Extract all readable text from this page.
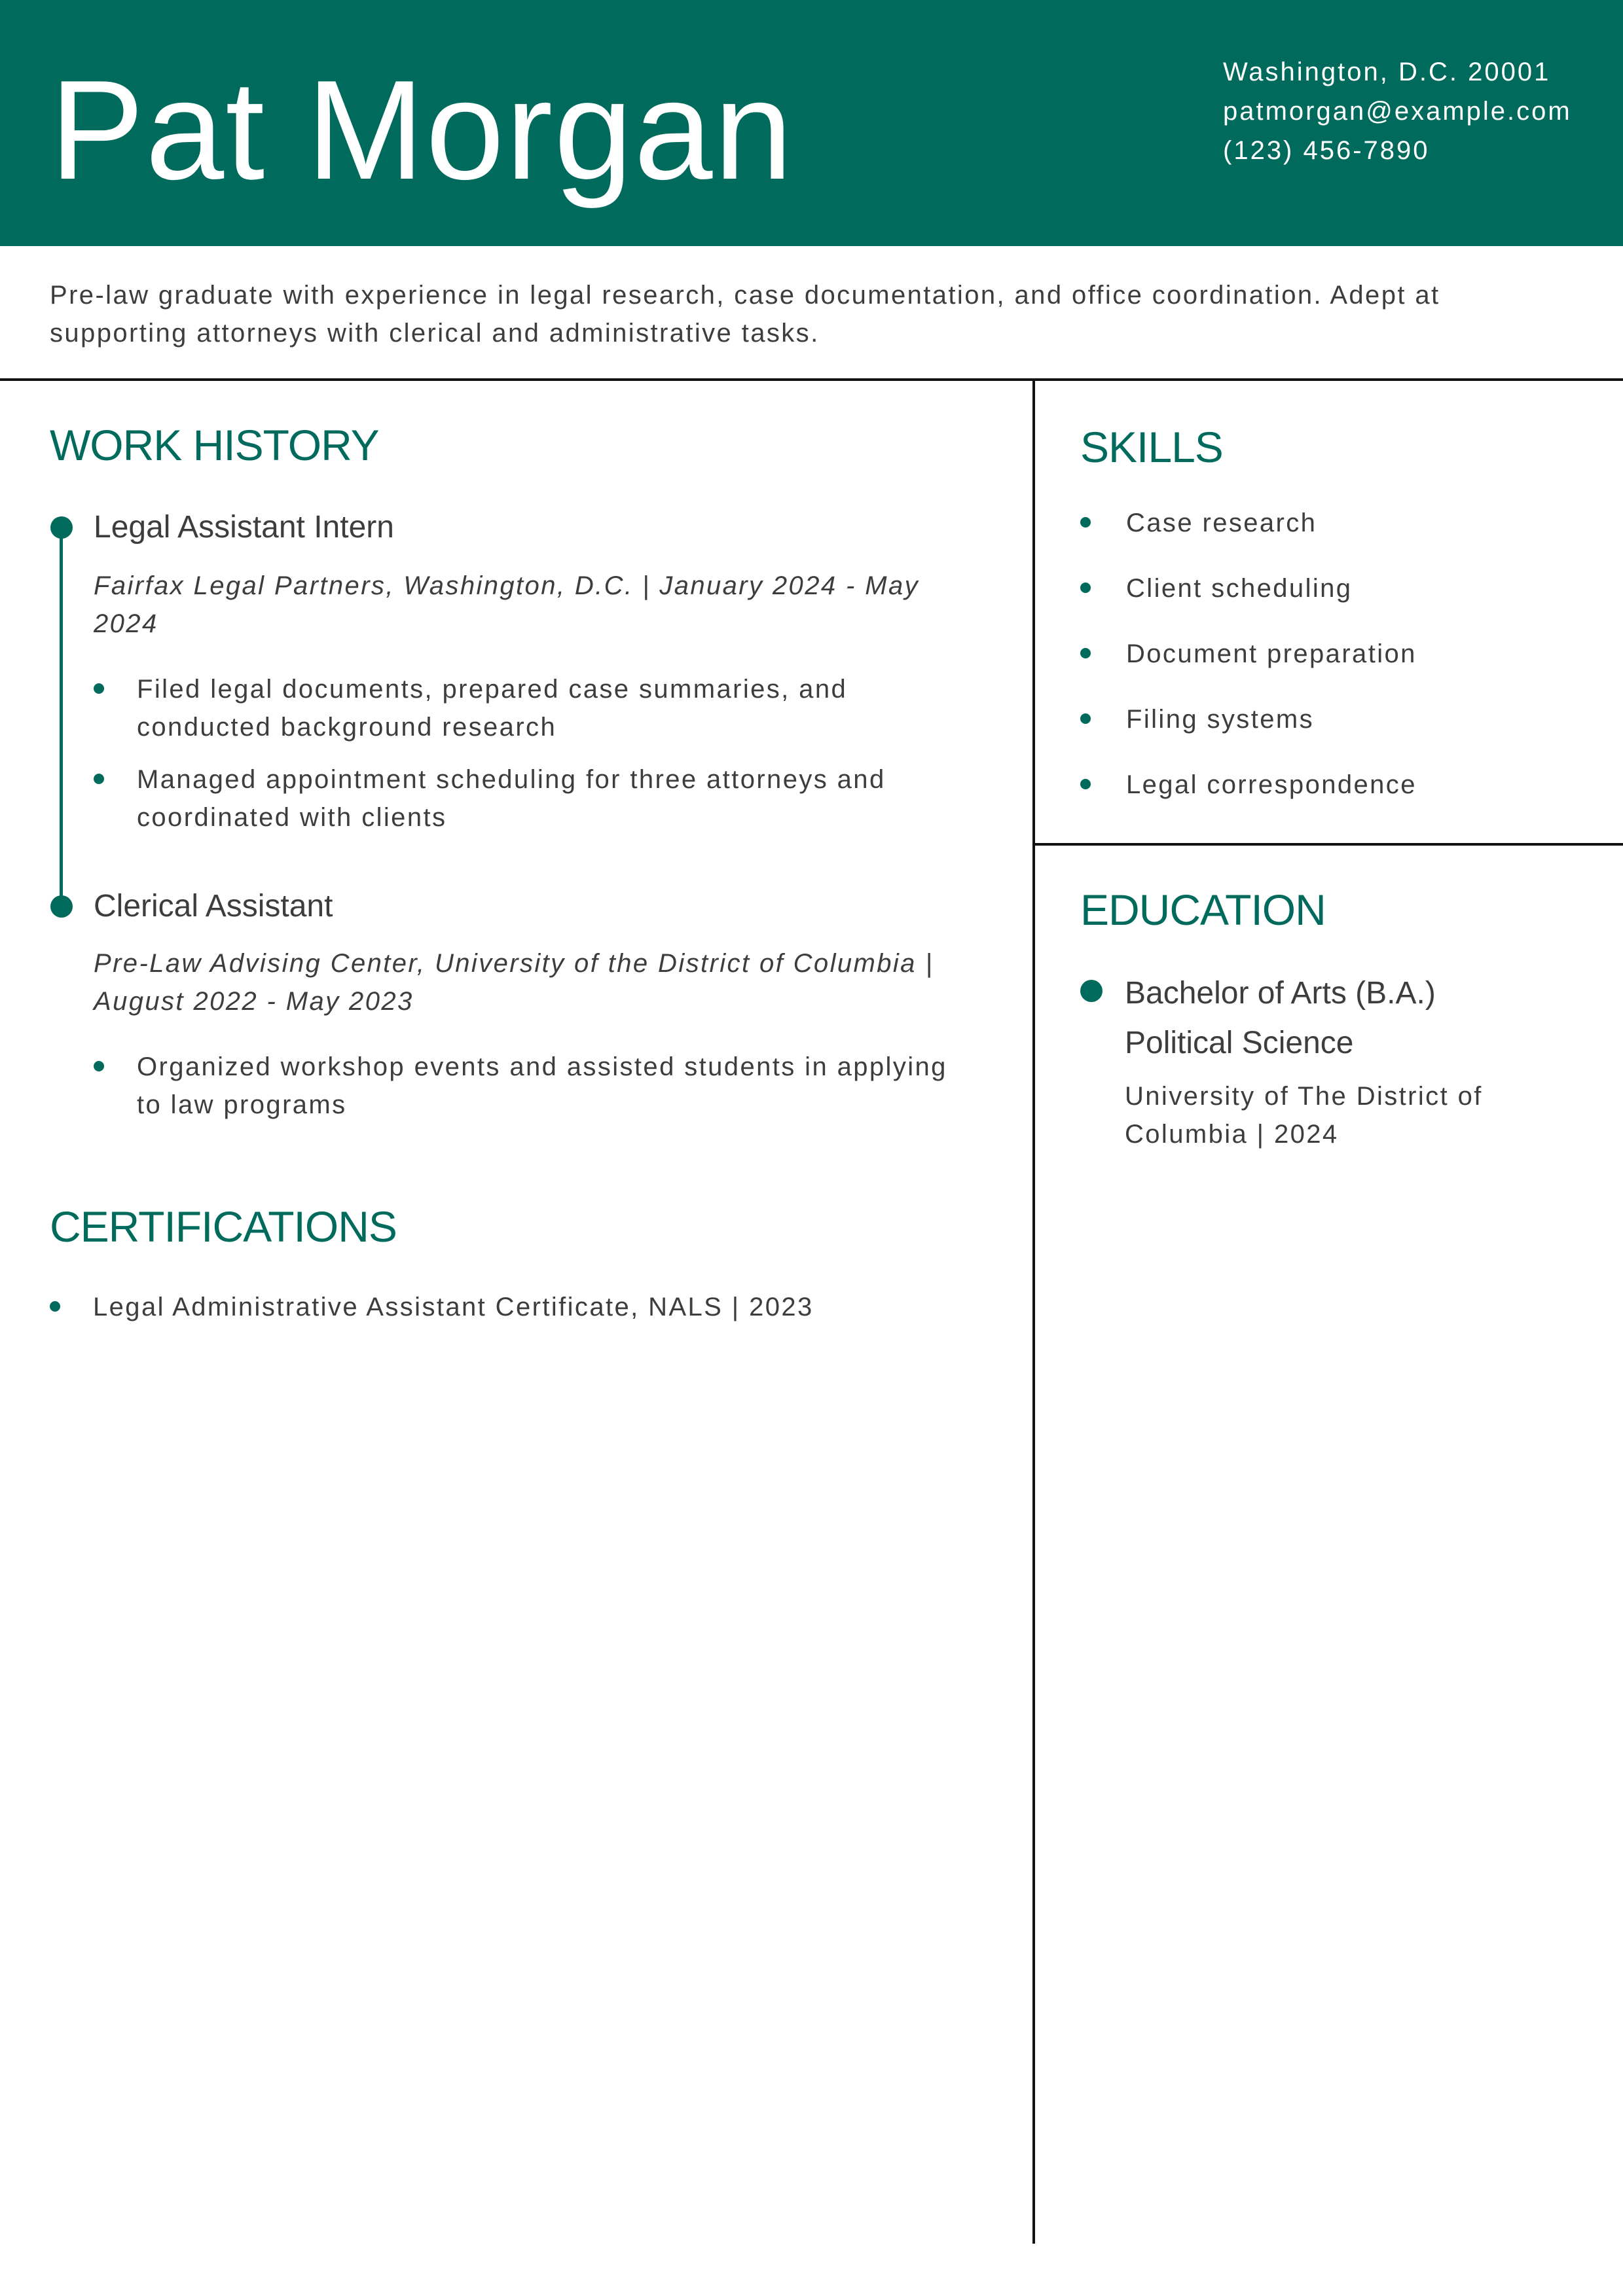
Pat Morgan	Washington, D.C. 20001
patmorgan@example.com
(123) 456-7890
Pre-law graduate with experience in legal research, case documentation, and office coordination. Adept at supporting attorneys with clerical and administrative tasks.
WORK HISTORY
Legal Assistant Intern
Fairfax Legal Partners, Washington, D.C. | January 2024 - May 2024
Filed legal documents, prepared case summaries, and conducted background research
Managed appointment scheduling for three attorneys and coordinated with clients
Clerical Assistant
Pre-Law Advising Center, University of the District of Columbia | August 2022 - May 2023
Organized workshop events and assisted students in applying to law programs
CERTIFICATIONS
Legal Administrative Assistant Certificate, NALS | 2023
SKILLS
Case research
Client scheduling
Document preparation
Filing systems
Legal correspondence
EDUCATION
Bachelor of Arts (B.A.)
Political Science
University of The District of Columbia | 2024
